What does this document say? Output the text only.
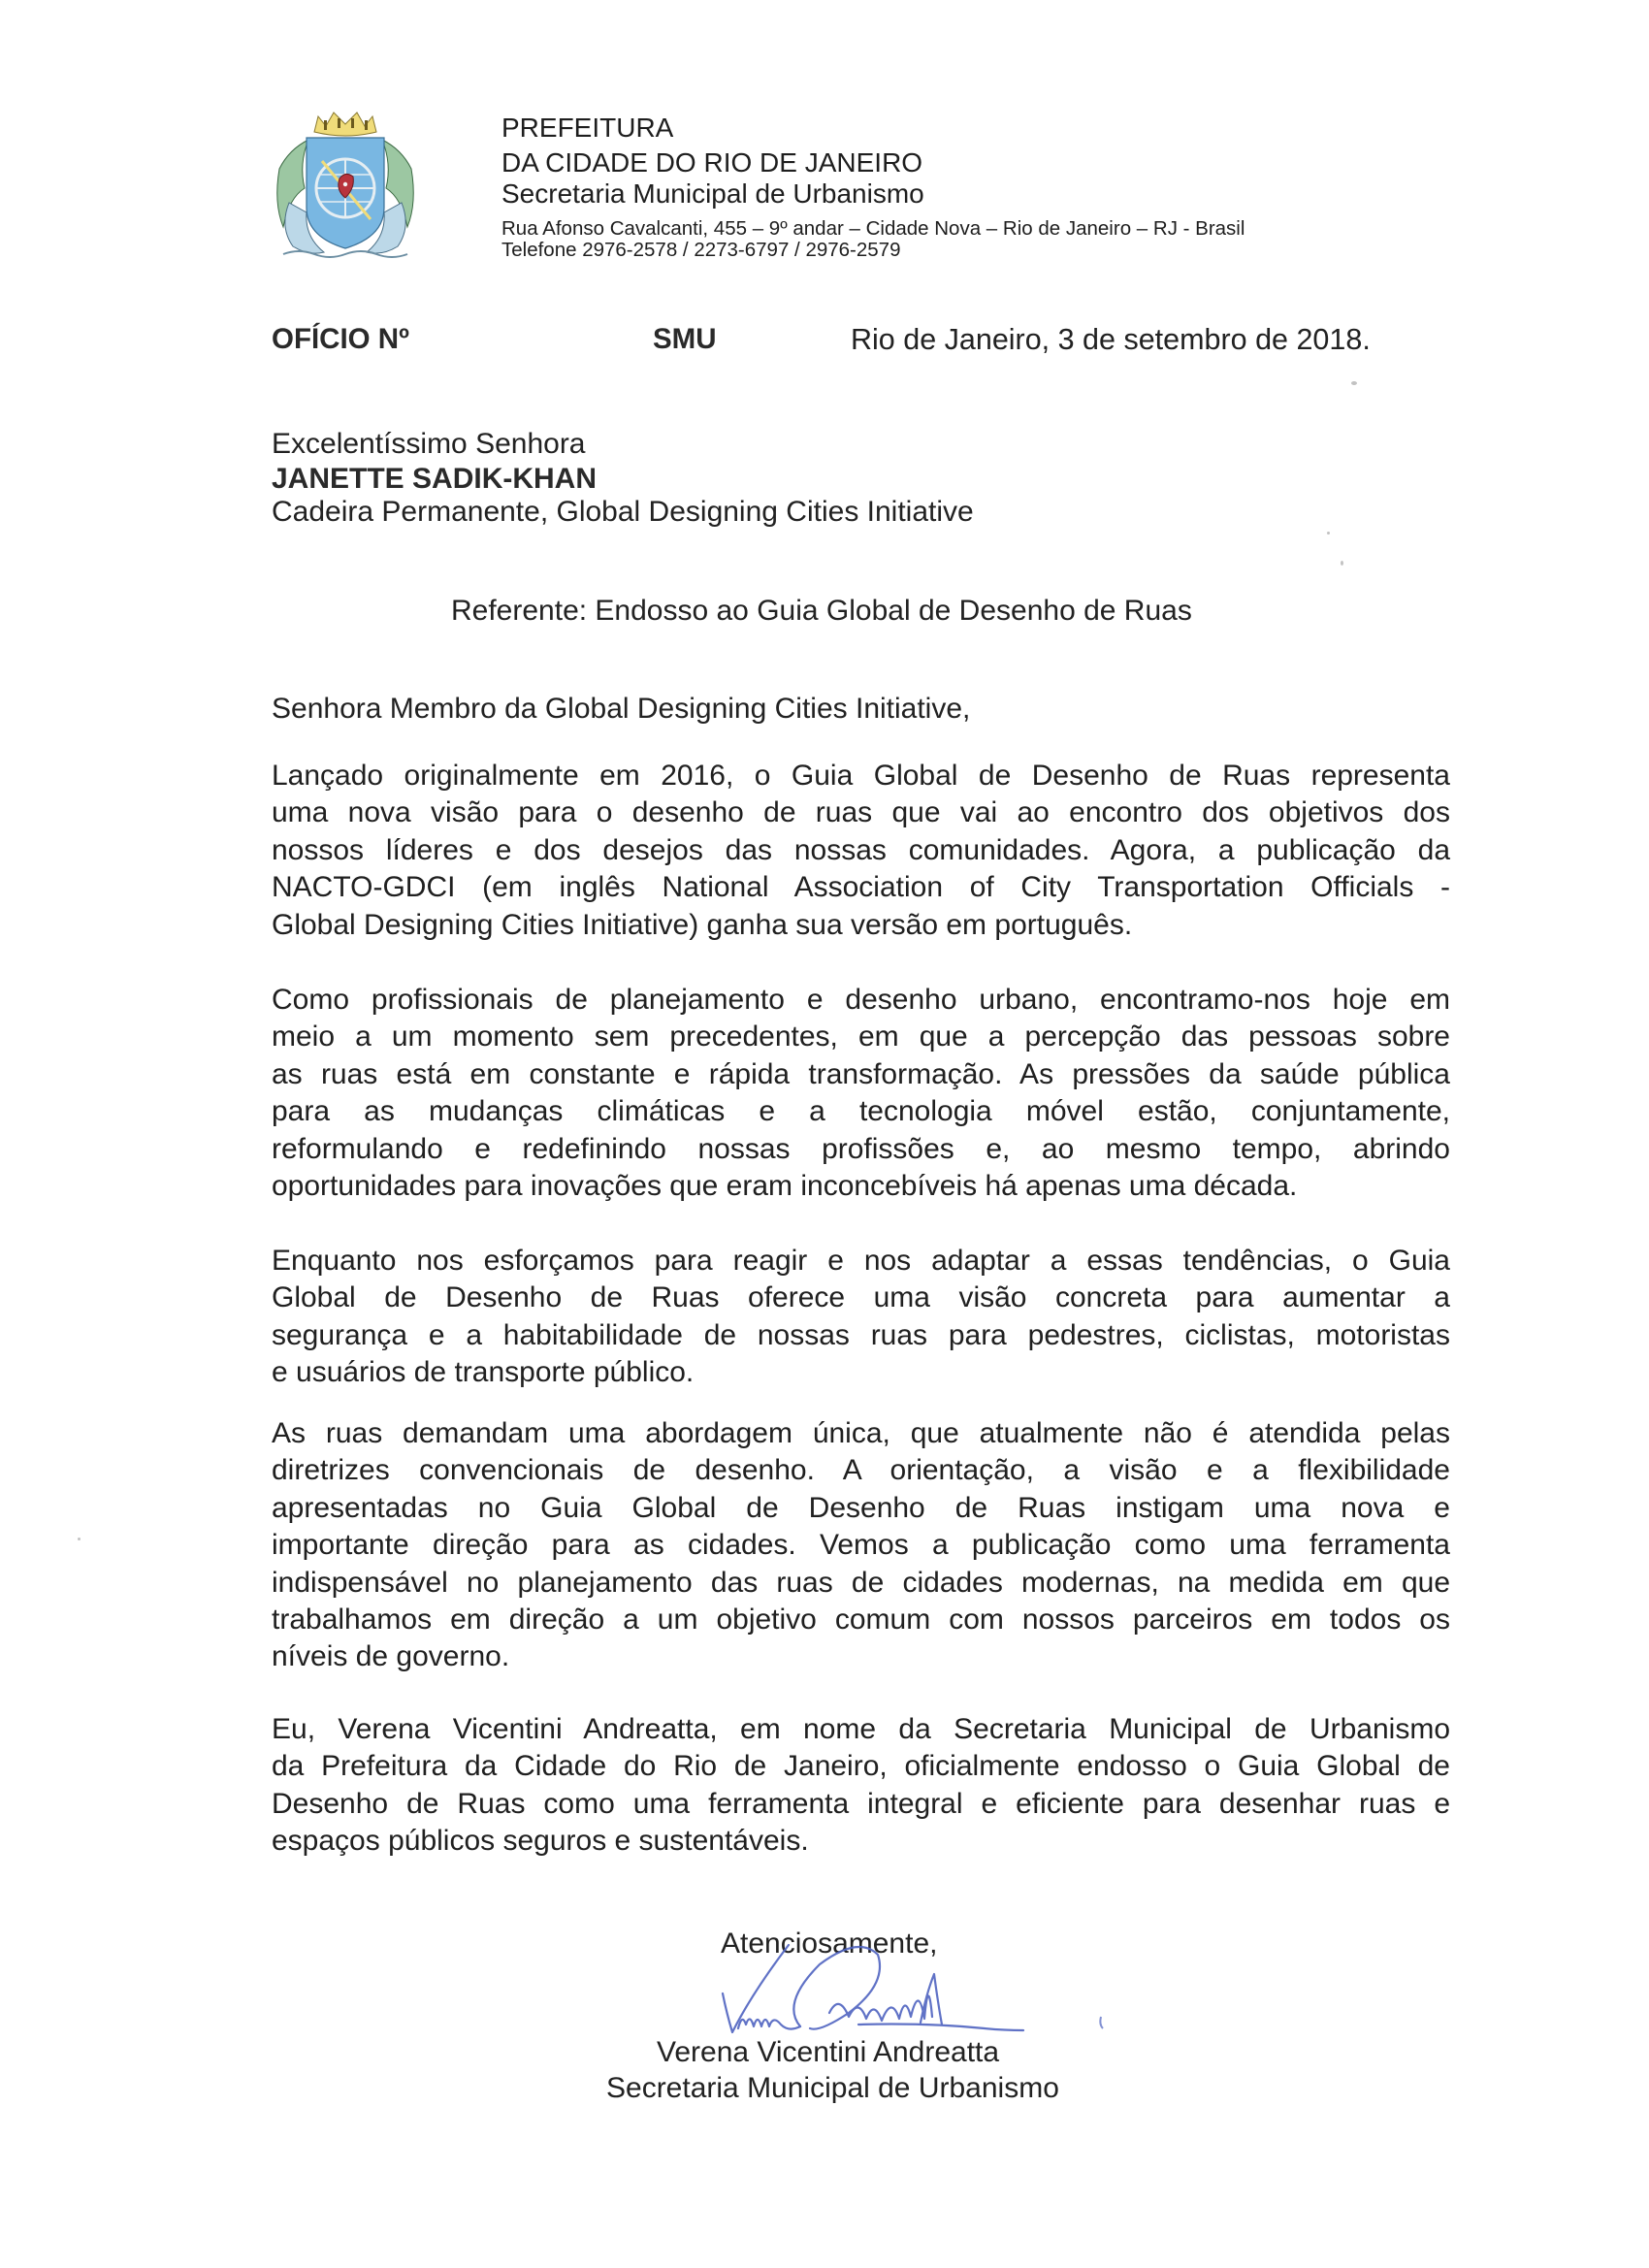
PREFEITURA
DA CIDADE DO RIO DE JANEIRO
Secretaria Municipal de Urbanismo
Rua Afonso Cavalcanti, 455 – 9º andar – Cidade Nova – Rio de Janeiro – RJ - Brasil
Telefone 2976-2578 / 2273-6797 / 2976-2579
OFÍCIO Nº	SMU	Rio de Janeiro, 3 de setembro de 2018.
Excelentíssimo Senhora
JANETTE SADIK-KHAN
Cadeira Permanente, Global Designing Cities Initiative
Referente: Endosso ao Guia Global de Desenho de Ruas
Senhora Membro da Global Designing Cities Initiative,
Lançado originalmente em 2016, o Guia Global de Desenho de Ruas representa
uma nova visão para o desenho de ruas que vai ao encontro dos objetivos dos
nossos líderes e dos desejos das nossas comunidades. Agora, a publicação da
NACTO-GDCI (em inglês National Association of City Transportation Officials -
Global Designing Cities Initiative) ganha sua versão em português.
Como profissionais de planejamento e desenho urbano, encontramo-nos hoje em
meio a um momento sem precedentes, em que a percepção das pessoas sobre
as ruas está em constante e rápida transformação. As pressões da saúde pública
para as mudanças climáticas e a tecnologia móvel estão, conjuntamente,
reformulando e redefinindo nossas profissões e, ao mesmo tempo, abrindo
oportunidades para inovações que eram inconcebíveis há apenas uma década.
Enquanto nos esforçamos para reagir e nos adaptar a essas tendências, o Guia
Global de Desenho de Ruas oferece uma visão concreta para aumentar a
segurança e a habitabilidade de nossas ruas para pedestres, ciclistas, motoristas
e usuários de transporte público.
As ruas demandam uma abordagem única, que atualmente não é atendida pelas
diretrizes convencionais de desenho. A orientação, a visão e a flexibilidade
apresentadas no Guia Global de Desenho de Ruas instigam uma nova e
importante direção para as cidades. Vemos a publicação como uma ferramenta
indispensável no planejamento das ruas de cidades modernas, na medida em que
trabalhamos em direção a um objetivo comum com nossos parceiros em todos os
níveis de governo.
Eu, Verena Vicentini Andreatta, em nome da Secretaria Municipal de Urbanismo
da Prefeitura da Cidade do Rio de Janeiro, oficialmente endosso o Guia Global de
Desenho de Ruas como uma ferramenta integral e eficiente para desenhar ruas e
espaços públicos seguros e sustentáveis.
Atenciosamente,
Verena Vicentini Andreatta
Secretaria Municipal de Urbanismo
